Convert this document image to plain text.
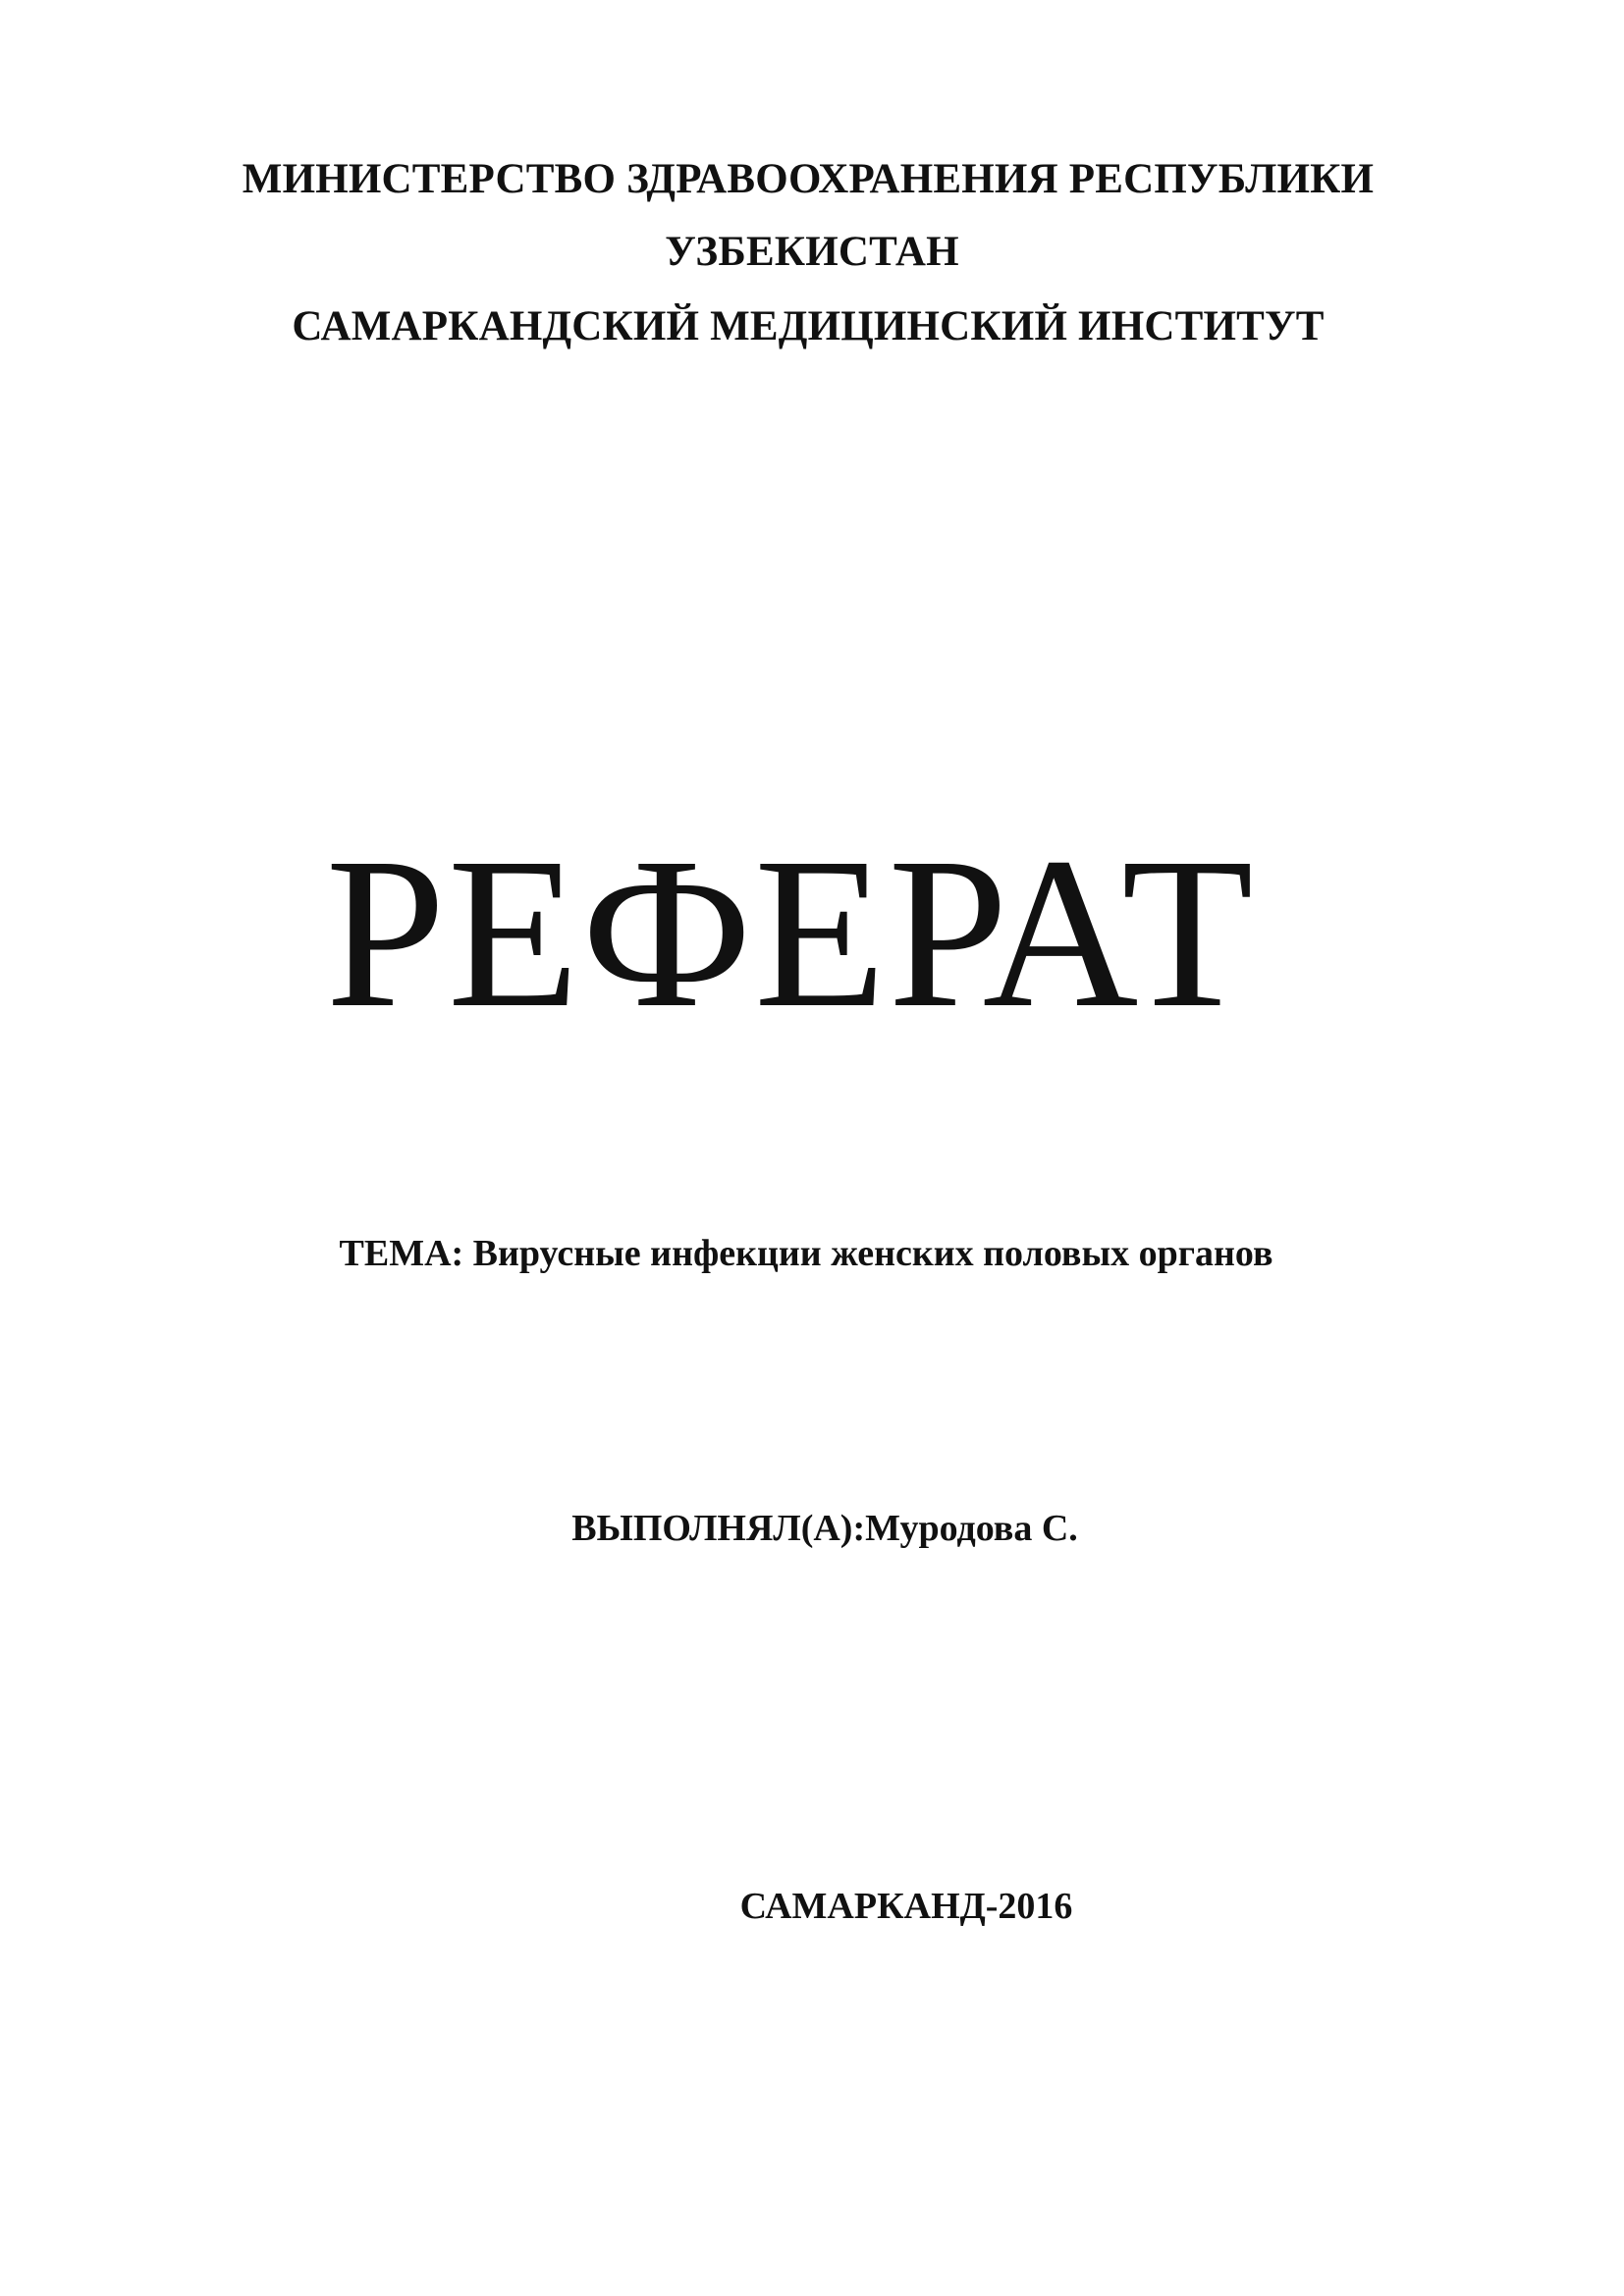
МИНИСТЕРСТВО ЗДРАВООХРАНЕНИЯ РЕСПУБЛИКИ
УЗБЕКИСТАН
САМАРКАНДСКИЙ МЕДИЦИНСКИЙ ИНСТИТУТ
РЕФЕРАТ
ТЕМА: Вирусные инфекции женских половых органов
ВЫПОЛНЯЛ(А):Муродова С.
САМАРКАНД-2016
